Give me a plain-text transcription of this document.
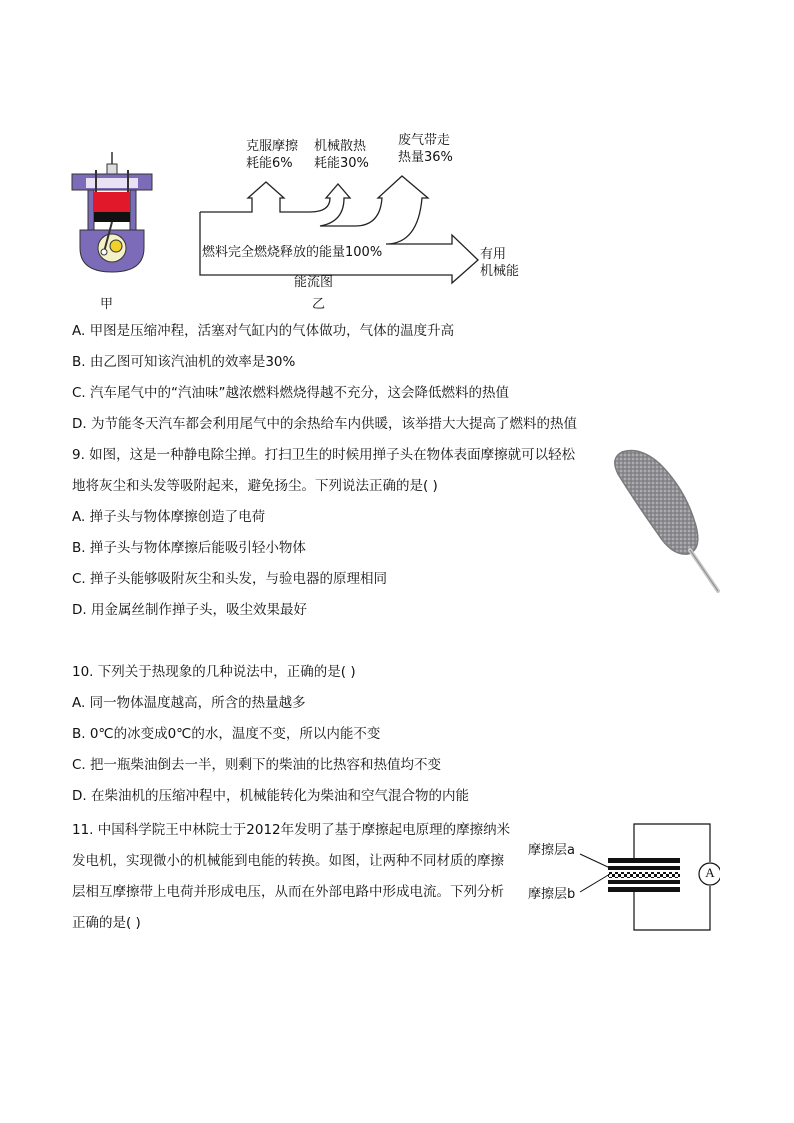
甲
克服摩擦
耗能6%
机械散热
耗能30%
废气带走
热量36%
燃料完全燃烧释放的能量100%	有用
机械能
能流图
乙
A. 甲图是压缩冲程，活塞对气缸内的气体做功，气体的温度升高
B. 由乙图可知该汽油机的效率是30%
C. 汽车尾气中的“汽油味”越浓燃料燃烧得越不充分，这会降低燃料的热值
D. 为节能冬天汽车都会利用尾气中的余热给车内供暖，该举措大大提高了燃料的热值
9. 如图，这是一种静电除尘掸。打扫卫生的时候用掸子头在物体表面摩擦就可以轻松
地将灰尘和头发等吸附起来，避免扬尘。下列说法正确的是( )
A. 掸子头与物体摩擦创造了电荷
B. 掸子头与物体摩擦后能吸引轻小物体
C. 掸子头能够吸附灰尘和头发，与验电器的原理相同
D. 用金属丝制作掸子头，吸尘效果最好
10. 下列关于热现象的几种说法中，正确的是( )
A. 同一物体温度越高，所含的热量越多
B. 0℃的冰变成0℃的水，温度不变，所以内能不变
C. 把一瓶柴油倒去一半，则剩下的柴油的比热容和热值均不变
D. 在柴油机的压缩冲程中，机械能转化为柴油和空气混合物的内能
11. 中国科学院王中林院士于2012年发明了基于摩擦起电原理的摩擦纳米发电机，实现微小的机械能到电能的转换。如图，让两种不同材质的摩擦层相互摩擦带上电荷并形成电压，从而在外部电路中形成电流。下列分析正确的是( )
A
摩擦层a
摩擦层b
